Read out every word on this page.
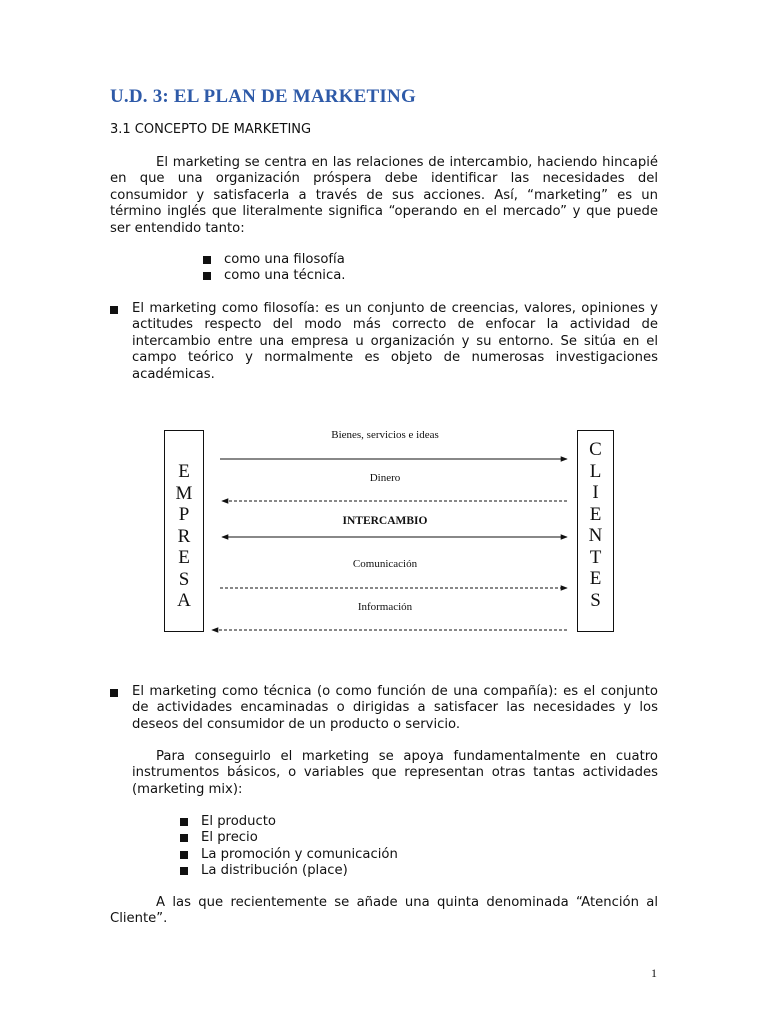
U.D. 3: EL PLAN DE MARKETING
3.1 CONCEPTO DE MARKETING
El marketing se centra en las relaciones de intercambio, haciendo hincapié en que una organización próspera debe identificar las necesidades del consumidor y satisfacerla a través de sus acciones. Así, “marketing” es un término inglés que literalmente significa “operando en el mercado” y que puede ser entendido tanto:
como una filosofía
como una técnica.
El marketing como filosofía: es un conjunto de creencias, valores, opiniones y actitudes respecto del modo más correcto de enfocar la actividad de intercambio entre una empresa u organización y su entorno. Se sitúa en el campo teórico y normalmente es objeto de numerosas investigaciones académicas.
E
M
P
R
E
S
A
C
L
I
E
N
T
E
S
Bienes, servicios e ideas
Dinero
INTERCAMBIO
Comunicación
Información
El marketing como técnica (o como función de una compañía): es el conjunto de actividades encaminadas o dirigidas a satisfacer las necesidades y los deseos del consumidor de un producto o servicio.
Para conseguirlo el marketing se apoya fundamentalmente en cuatro instrumentos básicos, o variables que representan otras tantas actividades (marketing mix):
El producto
El precio
La promoción y comunicación
La distribución (place)
A las que recientemente se añade una quinta denominada “Atención al Cliente”.
1
